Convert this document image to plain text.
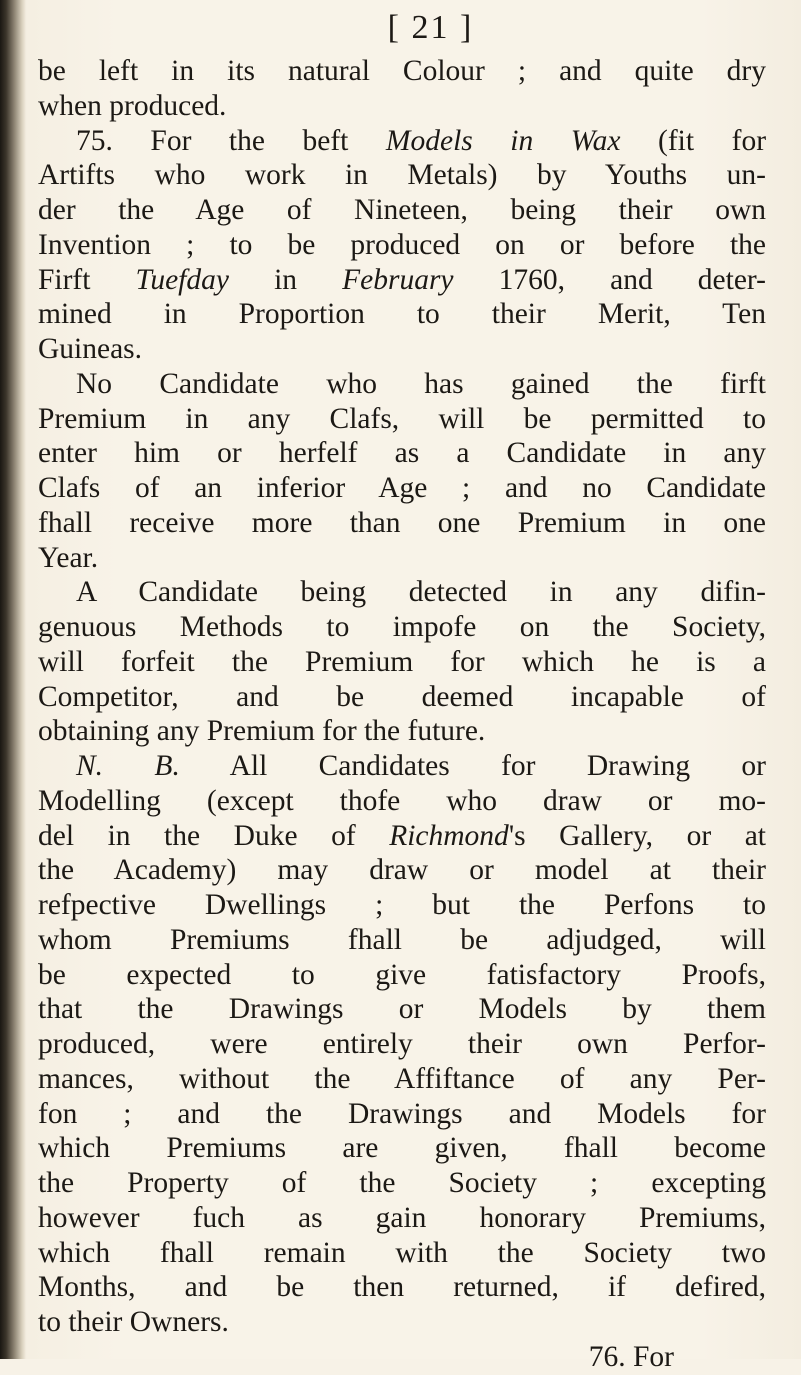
[ 21 ]
be left in its natural Colour ; and quite dry
when produced.
75. For the beft Models in Wax (fit for
Artifts who work in Metals) by Youths un-
der the Age of Nineteen, being their own
Invention ; to be produced on or before the
Firft Tuefday in February 1760, and deter-
mined in Proportion to their Merit, Ten
Guineas.
No Candidate who has gained the firft
Premium in any Clafs, will be permitted to
enter him or herfelf as a Candidate in any
Clafs of an inferior Age ; and no Candidate
fhall receive more than one Premium in one
Year.
A Candidate being detected in any difin-
genuous Methods to impofe on the Society,
will forfeit the Premium for which he is a
Competitor, and be deemed incapable of
obtaining any Premium for the future.
N. B. All Candidates for Drawing or
Modelling (except thofe who draw or mo-
del in the Duke of Richmond's Gallery, or at
the Academy) may draw or model at their
refpective Dwellings ; but the Perfons to
whom Premiums fhall be adjudged, will
be expected to give fatisfactory Proofs,
that the Drawings or Models by them
produced, were entirely their own Perfor-
mances, without the Affiftance of any Per-
fon ; and the Drawings and Models for
which Premiums are given, fhall become
the Property of the Society ; excepting
however fuch as gain honorary Premiums,
which fhall remain with the Society two
Months, and be then returned, if defired,
to their Owners.
76. For
